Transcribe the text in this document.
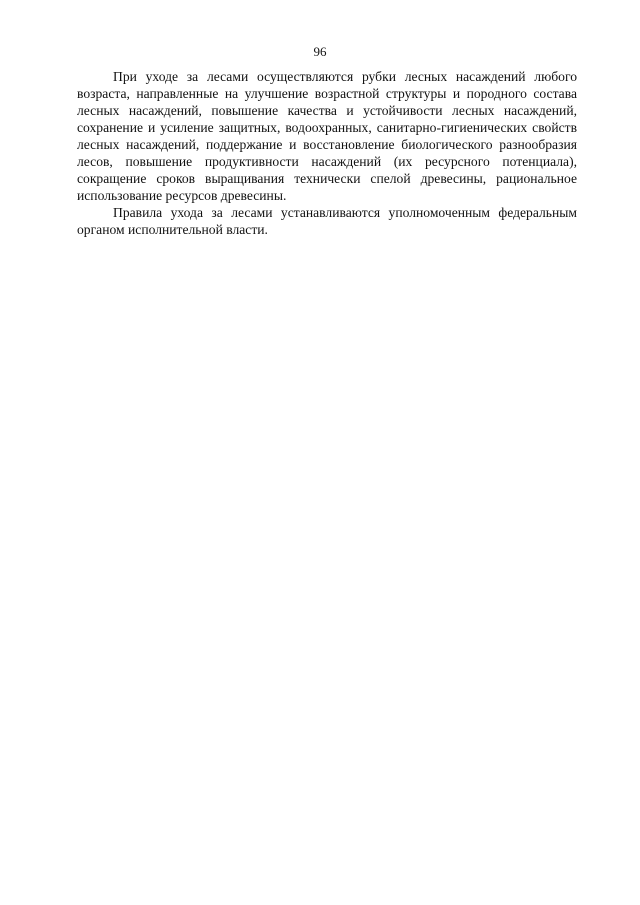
96

При уходе за лесами осуществляются рубки лесных насаждений любого возраста, направленные на улучшение возрастной структуры и породного состава лесных насаждений, повышение качества и устойчивости лесных насаждений, сохранение и усиление защитных, водоохранных, санитарно-гигиенических свойств лесных насаждений, поддержание и восстановление биологического разнообразия лесов, повышение продуктивности насаждений (их ресурсного потенциала), сокращение сроков выращивания технически спелой древесины, рациональное использование ресурсов древесины.

Правила ухода за лесами устанавливаются уполномоченным федеральным органом исполнительной власти.
